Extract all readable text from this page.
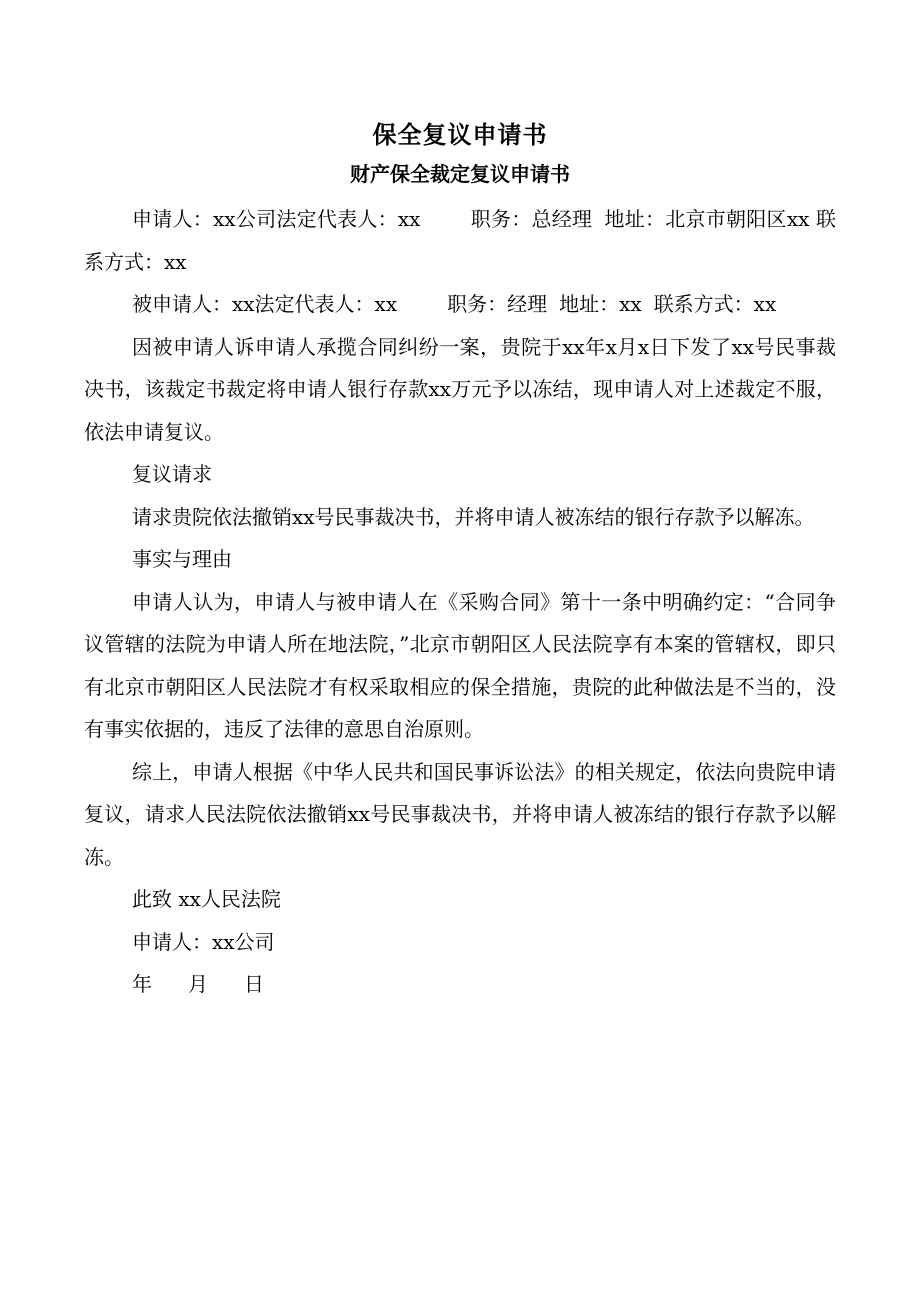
保全复议申请书
财产保全裁定复议申请书

申请人：xx公司法定代表人：xx	职务：总经理 地址：北京市朝阳区xx 联系方式：xx

被申请人：xx法定代表人：xx	职务：经理 地址：xx 联系方式：xx

因被申请人诉申请人承揽合同纠纷一案，贵院于xx年x月x日下发了xx号民事裁决书，该裁定书裁定将申请人银行存款xx万元予以冻结，现申请人对上述裁定不服，依法申请复议。

复议请求

请求贵院依法撤销xx号民事裁决书，并将申请人被冻结的银行存款予以解冻。

事实与理由

申请人认为，申请人与被申请人在《采购合同》第十一条中明确约定：“合同争议管辖的法院为申请人所在地法院，”北京市朝阳区人民法院享有本案的管辖权，即只有北京市朝阳区人民法院才有权采取相应的保全措施，贵院的此种做法是不当的，没有事实依据的，违反了法律的意思自治原则。

综上，申请人根据《中华人民共和国民事诉讼法》的相关规定，依法向贵院申请复议，请求人民法院依法撤销xx号民事裁决书，并将申请人被冻结的银行存款予以解冻。

此致 xx人民法院

申请人：xx公司

年 月 日
